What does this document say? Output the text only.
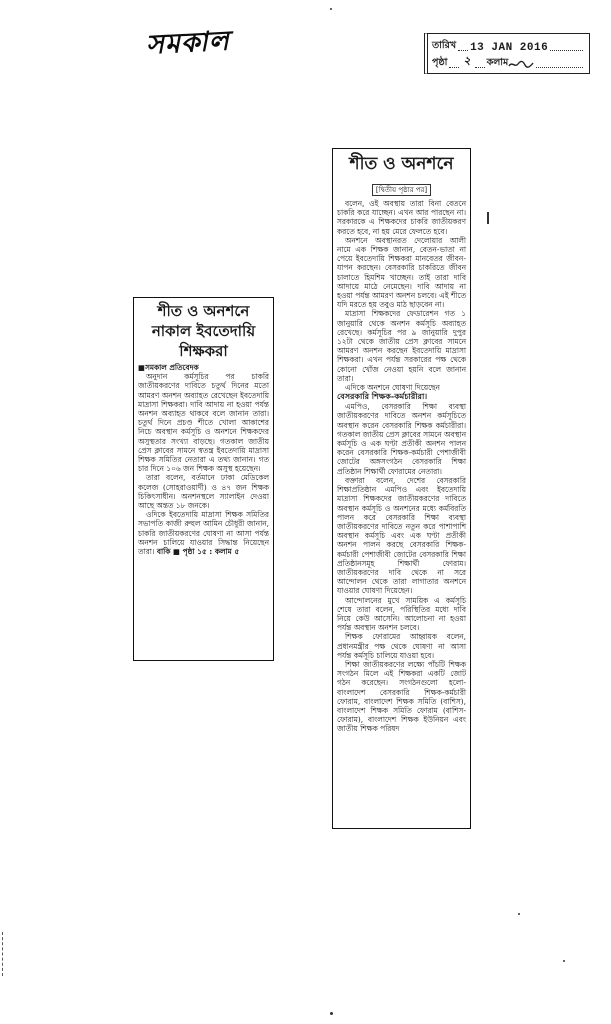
সমকাল	তারিখ 13 JAN 2016
পৃষ্ঠা ২ কলাম
শীত ও অনশনে
নাকাল ইবতেদায়ি
শিক্ষকরা

■সমকাল প্রতিবেদক

অনুদান কর্মসূচির পর চাকরি জাতীয়করণের দাবিতে চতুর্থ দিনের মতো আমরণ অনশন অব্যাহত রেখেছেন ইবতেদায়ি মাদ্রাসা শিক্ষকরা। দাবি আদায় না হওয়া পর্যন্ত অনশন অব্যাহত থাকবে বলে জানান তারা। চতুর্থ দিনে প্রচণ্ড শীতে খোলা আকাশের নিচে অবস্থান কর্মসূচি ও অনশনে শিক্ষকদের অসুস্থতার সংখ্যা বাড়ছে। গতকাল জাতীয় প্রেস ক্লাবের সামনে স্বতন্ত্র ইবতেদায়ি মাদ্রাসা শিক্ষক সমিতির নেতারা এ তথ্য জানান। গত চার দিনে ১০৬ জন শিক্ষক অসুস্থ হয়েছেন।

তারা বলেন, বর্তমানে ঢাকা মেডিকেল কলেজ (সোহরাওয়ার্দী) ও ৪৭ জন শিক্ষক চিকিৎসাধীন। অনশনস্থলে স্যালাইন দেওয়া আছে অন্তত ১৮ জনকে।

ওদিকে ইবতেদায়ি মাদ্রাসা শিক্ষক সমিতির সভাপতি কাজী রুহুল আমিন চৌধুরী জানান, চাকরি জাতীয়করণের ঘোষণা না আসা পর্যন্ত অনশন চালিয়ে যাওয়ার সিদ্ধান্ত নিয়েছেন তারা। বাকি ■ পৃষ্ঠা ১৫ : কলাম ৫

শীত ও অনশনে
[দ্বিতীয় পৃষ্ঠার পর]

বলেন, ওই অবস্থায় তারা বিনা বেতনে চাকরি করে যাচ্ছেন। এখন আর পারছেন না। সরকারকে এ শিক্ষকদের চাকরি জাতীয়করণ করতে হবে, না হয় মেরে ফেলতে হবে।

অনশনে অবস্থানরত দেলোয়ার আলী নামে এক শিক্ষক জানান, বেতন-ভাতা না পেয়ে ইবতেদায়ি শিক্ষকরা মানবেতর জীবন-যাপন করছেন। বেসরকারি চাকরিতে জীবন চালাতে হিমশিম খাচ্ছেন। তাই তারা দাবি আদায়ে মাঠে নেমেছেন। দাবি আদায় না হওয়া পর্যন্ত আমরণ অনশন চলবে। এই শীতে যদি মরতে হয় তবুও মাঠ ছাড়বেন না।

মাদ্রাসা শিক্ষকদের ফেডারেশন গত ১ জানুয়ারি থেকে অনশন কর্মসূচি অব্যাহত রেখেছে। কর্মসূচির পর ৯ জানুয়ারি দুপুর ১২টা থেকে জাতীয় প্রেস ক্লাবের সামনে আমরণ অনশন করছেন ইবতেদায়ি মাদ্রাসা শিক্ষকরা। এখন পর্যন্ত সরকারের পক্ষ থেকে কোনো খোঁজ নেওয়া হয়নি বলে জানান তারা।

এদিকে অনশনে ঘোষণা দিয়েছেন
বেসরকারি শিক্ষক-কর্মচারীরা।

এমপিও, বেসরকারি শিক্ষা ব্যবস্থা জাতীয়করণের দাবিতে অনশন কর্মসূচিতে অবস্থান করেন বেসরকারি শিক্ষক কর্মচারীরা। গতকাল জাতীয় প্রেস ক্লাবের সামনে অবস্থান কর্মসূচি ও এক ঘণ্টা প্রতীকী অনশন পালন করেন বেসরকারি শিক্ষক-কর্মচারী পেশাজীবী জোটের অঙ্গসংগঠন বেসরকারি শিক্ষা প্রতিষ্ঠান শিক্ষার্থী ফোরামের নেতারা।

বক্তারা বলেন, দেশের বেসরকারি শিক্ষাপ্রতিষ্ঠান এমপিও এবং ইবতেদায়ি মাদ্রাসা শিক্ষকদের জাতীয়করণের দাবিতে অবস্থান কর্মসূচি ও অনশনের মধ্যে কর্মবিরতি পালন করে বেসরকারি শিক্ষা ব্যবস্থা জাতীয়করণের দাবিতে নতুন করে পাশাপাশি অবস্থান কর্মসূচি এবং এক ঘণ্টা প্রতীকী অনশন পালন করছে বেসরকারি শিক্ষক-কর্মচারী পেশাজীবী জোটের বেসরকারি শিক্ষা প্রতিষ্ঠানসমূহ শিক্ষার্থী ফোরাম। জাতীয়করণের দাবি থেকে না সরে আন্দোলন থেকে তারা লাগাতার অনশনে যাওয়ার ঘোষণা দিয়েছেন।

আন্দোলনের মুখে সাময়িক এ কর্মসূচি শেষে তারা বলেন, পরিস্থিতির মধ্যে দাবি নিয়ে কেউ আসেনি। আলোচনা না হওয়া পর্যন্ত অবস্থান অনশন চলবে।

শিক্ষক ফোরামের আহ্বায়ক বলেন, প্রধানমন্ত্রীর পক্ষ থেকে ঘোষণা না আসা পর্যন্ত কর্মসূচি চালিয়ে যাওয়া হবে।

শিক্ষা জাতীয়করণের লক্ষ্যে পাঁচটি শিক্ষক সংগঠন মিলে এই শিক্ষকরা একটি জোট গঠন করেছেন। সংগঠনগুলো হলো- বাংলাদেশ বেসরকারি শিক্ষক-কর্মচারী ফোরাম, বাংলাদেশ শিক্ষক সমিতি (বাশিস), বাংলাদেশ শিক্ষক সমিতি ফোরাম (বাশিস-ফোরাম), বাংলাদেশ শিক্ষক ইউনিয়ন এবং জাতীয় শিক্ষক পরিষদ
